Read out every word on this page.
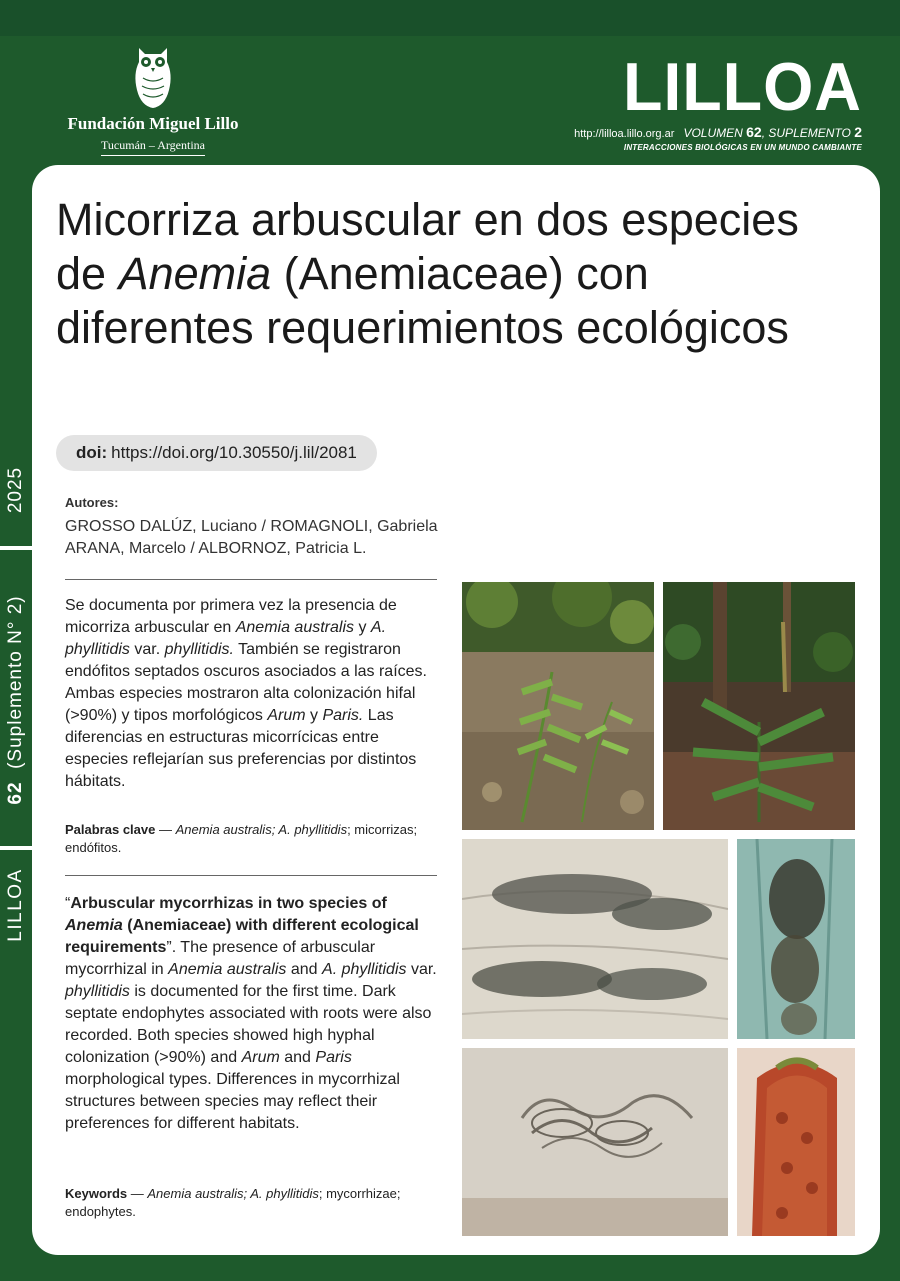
2025
62  (Suplemento N° 2)
LILLOA
Fundación Miguel Lillo
Tucumán – Argentina
LILLOA
http://lilloa.lillo.org.ar VOLUMEN 62, SUPLEMENTO 2
INTERACCIONES BIOLÓGICAS EN UN MUNDO CAMBIANTE
Micorriza arbuscular en dos especies de Anemia (Anemiaceae) con diferentes requerimientos ecológicos
doi: https://doi.org/10.30550/j.lil/2081
Autores:
GROSSO DALÚZ, Luciano / ROMAGNOLI, Gabriela
ARANA, Marcelo / ALBORNOZ, Patricia L.

Se documenta por primera vez la presencia de micorriza arbuscular en Anemia australis y A. phyllitidis var. phyllitidis. También se registraron endófitos septados oscuros asociados a las raíces. Ambas especies mostraron alta colonización hifal (>90%) y tipos morfológicos Arum y Paris. Las diferencias en estructuras micorrícicas entre especies reflejarían sus preferencias por distintos hábitats.

Palabras clave — Anemia australis; A. phyllitidis; micorrizas; endófitos.

“Arbuscular mycorrhizas in two species of Anemia (Anemiaceae) with different ecological requirements”. The presence of arbuscular mycorrhizal in Anemia australis and A. phyllitidis var. phyllitidis is documented for the first time. Dark septate endophytes associated with roots were also recorded. Both species showed high hyphal colonization (>90%) and Arum and Paris morphological types. Differences in mycorrhizal structures between species may reflect their preferences for different habitats.

Keywords — Anemia australis; A. phyllitidis; mycorrhizae; endophytes.
